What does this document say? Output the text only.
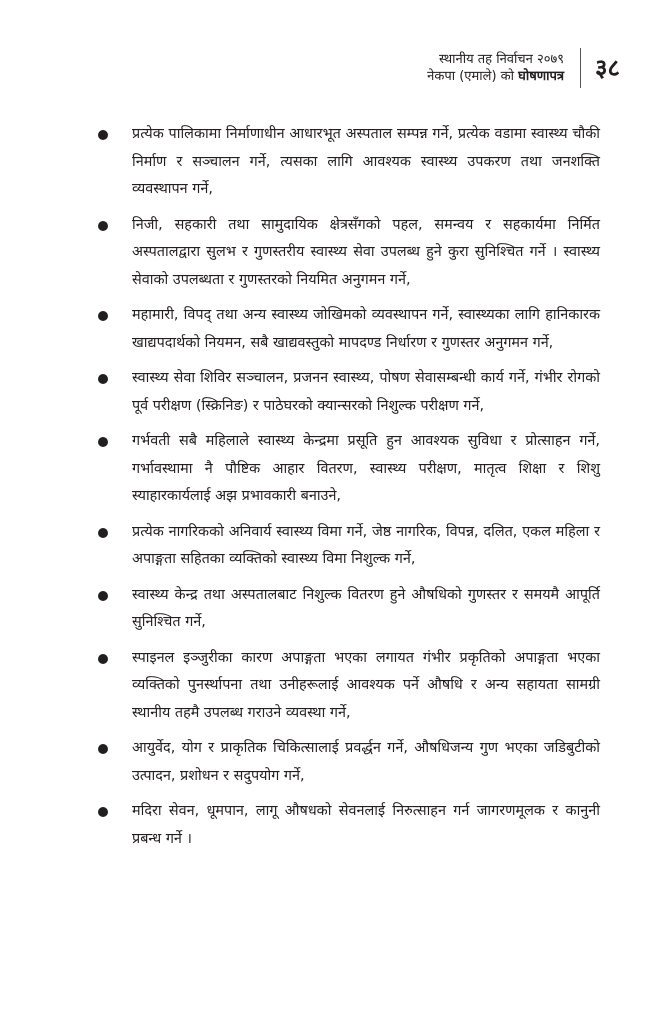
स्थानीय तह निर्वाचन २०७९
नेकपा (एमाले) को घोषणापत्र ३८
प्रत्येक पालिकामा निर्माणाधीन आधारभूत अस्पताल सम्पन्न गर्ने, प्रत्येक वडामा स्वास्थ्य चौकी निर्माण र सञ्चालन गर्ने, त्यसका लागि आवश्यक स्वास्थ्य उपकरण तथा जनशक्ति व्यवस्थापन गर्ने,
निजी, सहकारी तथा सामुदायिक क्षेत्रसँगको पहल, समन्वय र सहकार्यमा निर्मित अस्पतालद्वारा सुलभ र गुणस्तरीय स्वास्थ्य सेवा उपलब्ध हुने कुरा सुनिश्चित गर्ने । स्वास्थ्य सेवाको उपलब्धता र गुणस्तरको नियमित अनुगमन गर्ने,
महामारी, विपद् तथा अन्य स्वास्थ्य जोखिमको व्यवस्थापन गर्ने, स्वास्थ्यका लागि हानिकारक खाद्यपदार्थको नियमन, सबै खाद्यवस्तुको मापदण्ड निर्धारण र गुणस्तर अनुगमन गर्ने,
स्वास्थ्य सेवा शिविर सञ्चालन, प्रजनन स्वास्थ्य, पोषण सेवासम्बन्धी कार्य गर्ने, गंभीर रोगको पूर्व परीक्षण (स्क्रिनिङ) र पाठेघरको क्यान्सरको निशुल्क परीक्षण गर्ने,
गर्भवती सबै महिलाले स्वास्थ्य केन्द्रमा प्रसूति हुन आवश्यक सुविधा र प्रोत्साहन गर्ने, गर्भावस्थामा नै पौष्टिक आहार वितरण, स्वास्थ्य परीक्षण, मातृत्व शिक्षा र शिशु स्याहारकार्यलाई अझ प्रभावकारी बनाउने,
प्रत्येक नागरिकको अनिवार्य स्वास्थ्य विमा गर्ने, जेष्ठ नागरिक, विपन्न, दलित, एकल महिला र अपाङ्गता सहितका व्यक्तिको स्वास्थ्य विमा निशुल्क गर्ने,
स्वास्थ्य केन्द्र तथा अस्पतालबाट निशुल्क वितरण हुने औषधिको गुणस्तर र समयमै आपूर्ति सुनिश्चित गर्ने,
स्पाइनल इञ्जुरीका कारण अपाङ्गता भएका लगायत गंभीर प्रकृतिको अपाङ्गता भएका व्यक्तिको पुनर्स्थापना तथा उनीहरूलाई आवश्यक पर्ने औषधि र अन्य सहायता सामग्री स्थानीय तहमै उपलब्ध गराउने व्यवस्था गर्ने,
आयुर्वेद, योग र प्राकृतिक चिकित्सालाई प्रवर्द्धन गर्ने, औषधिजन्य गुण भएका जडिबुटीको उत्पादन, प्रशोधन र सदुपयोग गर्ने,
मदिरा सेवन, धूमपान, लागू औषधको सेवनलाई निरुत्साहन गर्न जागरणमूलक र कानुनी प्रबन्ध गर्ने ।
